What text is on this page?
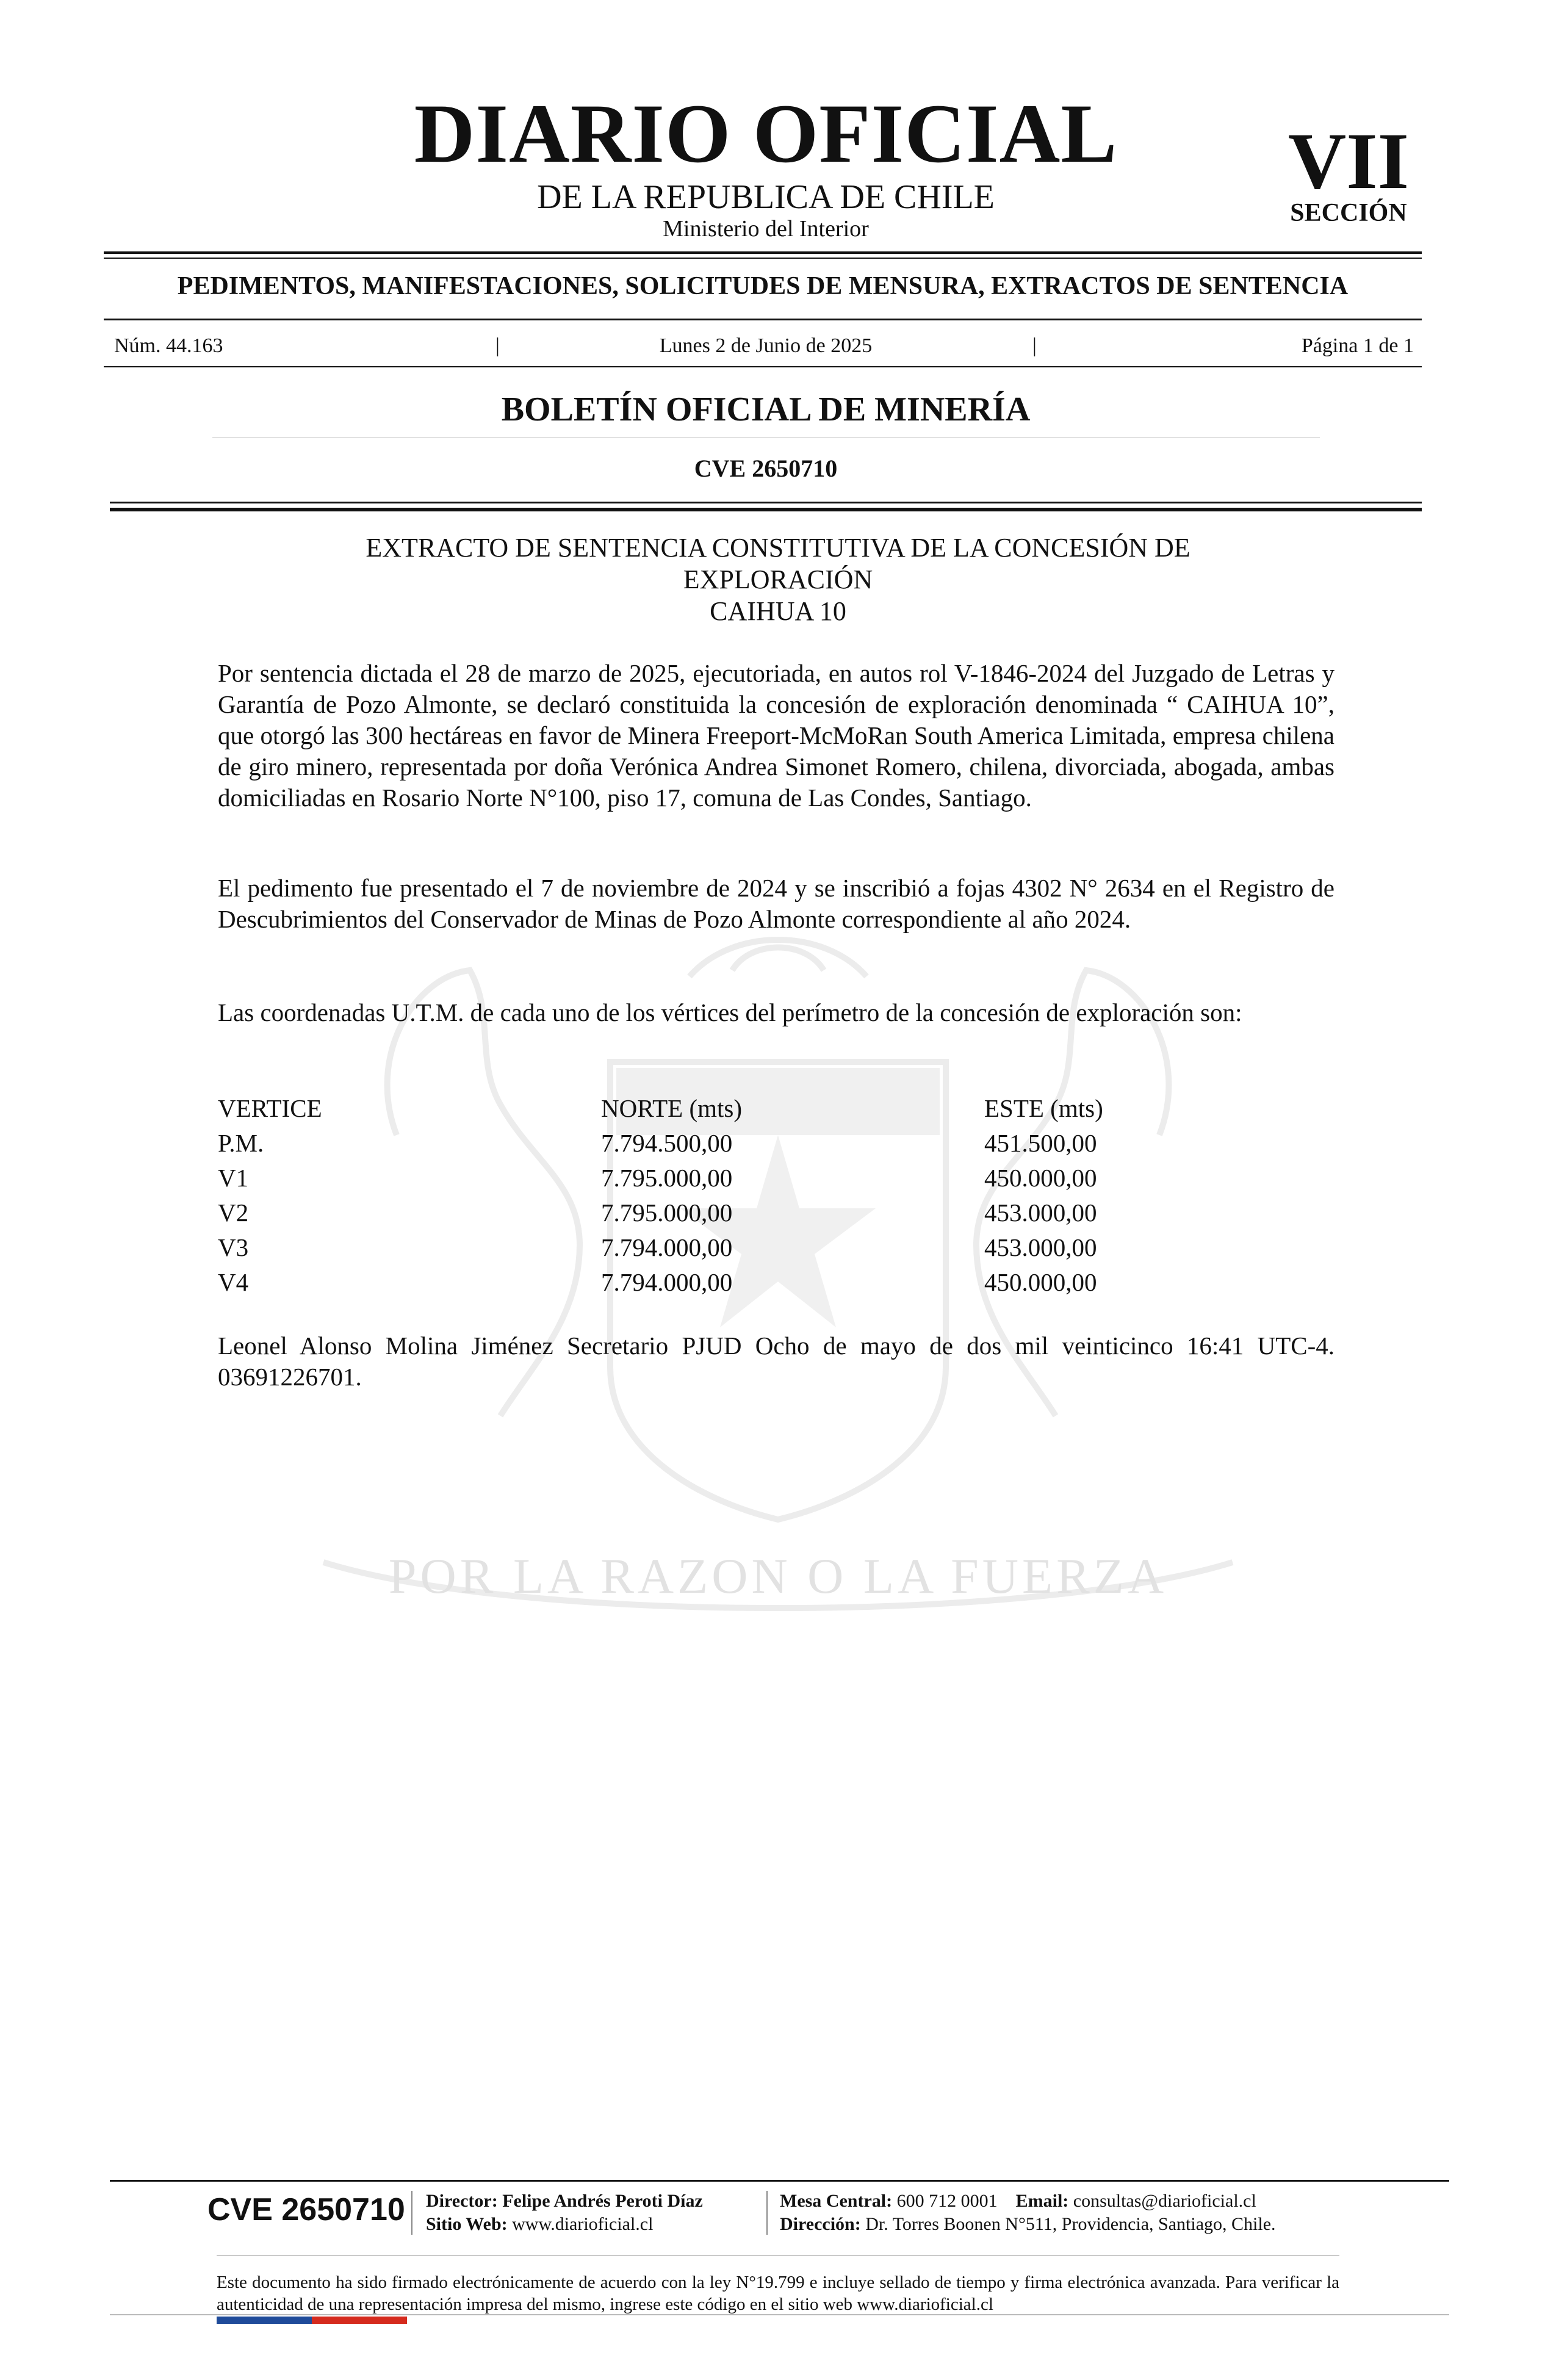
POR LA RAZON O LA FUERZA
DIARIO OFICIAL
DE LA REPUBLICA DE CHILE
Ministerio del Interior
VII
SECCIÓN
PEDIMENTOS, MANIFESTACIONES, SOLICITUDES DE MENSURA, EXTRACTOS DE SENTENCIA
Núm. 44.163	|	Lunes 2 de Junio de 2025	|	Página 1 de 1
BOLETÍN OFICIAL DE MINERÍA
CVE 2650710
EXTRACTO DE SENTENCIA CONSTITUTIVA DE LA CONCESIÓN DE
EXPLORACIÓN
CAIHUA 10

Por sentencia dictada el 28 de marzo de 2025, ejecutoriada, en autos rol V-1846-2024 del Juzgado de Letras y Garantía de Pozo Almonte, se declaró constituida la concesión de exploración denominada “ CAIHUA 10”, que otorgó las 300 hectáreas en favor de Minera Freeport-McMoRan South America Limitada, empresa chilena de giro minero, representada por doña Verónica Andrea Simonet Romero, chilena, divorciada, abogada, ambas domiciliadas en Rosario Norte N°100, piso 17, comuna de Las Condes, Santiago.

El pedimento fue presentado el 7 de noviembre de 2024 y se inscribió a fojas 4302 N° 2634 en el Registro de Descubrimientos del Conservador de Minas de Pozo Almonte correspondiente al año 2024.

Las coordenadas U.T.M. de cada uno de los vértices del perímetro de la concesión de exploración son:

VERTICE	NORTE (mts)	ESTE (mts)
P.M.	7.794.500,00	451.500,00
V1	7.795.000,00	450.000,00
V2	7.795.000,00	453.000,00
V3	7.794.000,00	453.000,00
V4	7.794.000,00	450.000,00

Leonel Alonso Molina Jiménez Secretario PJUD Ocho de mayo de dos mil veinticinco 16:41 UTC-4. 03691226701.

CVE 2650710 Director: Felipe Andrés Peroti Díaz
Sitio Web: www.diarioficial.cl
Mesa Central: 600 712 0001 Email: consultas@diarioficial.cl
Dirección: Dr. Torres Boonen N°511, Providencia, Santiago, Chile.
Este documento ha sido firmado electrónicamente de acuerdo con la ley N°19.799 e incluye sellado de tiempo y firma electrónica avanzada. Para verificar la autenticidad de una representación impresa del mismo, ingrese este código en el sitio web www.diarioficial.cl
